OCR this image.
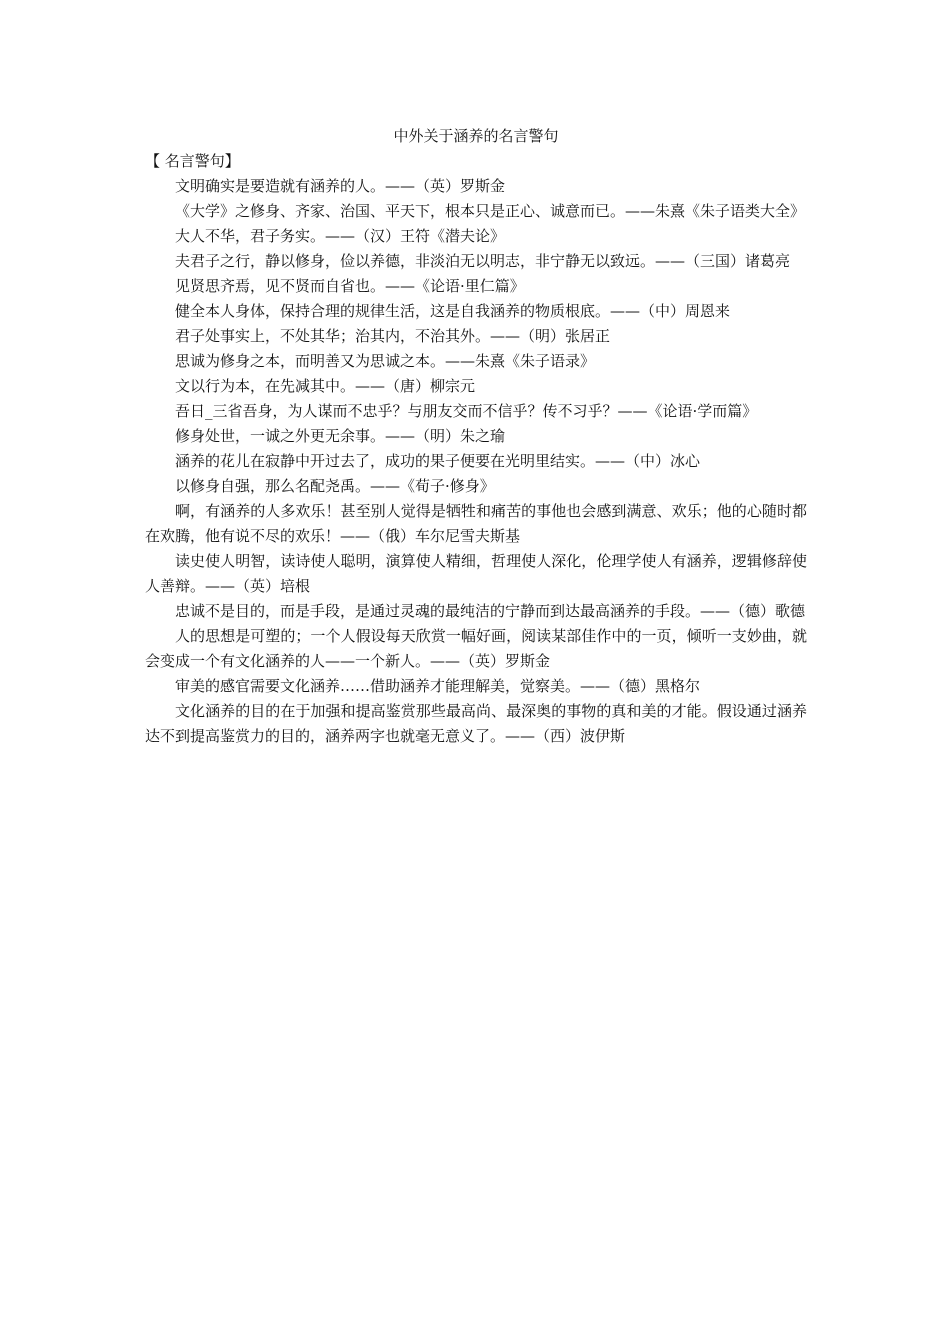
中外关于涵养的名言警句

【 名言警句】

文明确实是要造就有涵养的人。——（英）罗斯金

《大学》之修身、齐家、治国、平天下，根本只是正心、诚意而已。——朱熹《朱子语类大全》

大人不华，君子务实。——（汉）王符《潜夫论》

夫君子之行，静以修身，俭以养德，非淡泊无以明志，非宁静无以致远。——（三国）诸葛亮

见贤思齐焉，见不贤而自省也。——《论语·里仁篇》

健全本人身体，保持合理的规律生活，这是自我涵养的物质根底。——（中）周恩来

君子处事实上，不处其华；治其内，不治其外。——（明）张居正

思诚为修身之本，而明善又为思诚之本。——朱熹《朱子语录》

文以行为本，在先减其中。——（唐）柳宗元

吾日_三省吾身，为人谋而不忠乎？与朋友交而不信乎？传不习乎？——《论语·学而篇》

修身处世，一诚之外更无余事。——（明）朱之瑜

涵养的花儿在寂静中开过去了，成功的果子便要在光明里结实。——（中）冰心

以修身自强，那么名配尧禹。——《荀子·修身》

啊，有涵养的人多欢乐！甚至别人觉得是牺牲和痛苦的事他也会感到满意、欢乐；他的心随时都在欢腾，他有说不尽的欢乐！——（俄）车尔尼雪夫斯基

读史使人明智，读诗使人聪明，演算使人精细，哲理使人深化，伦理学使人有涵养，逻辑修辞使人善辩。——（英）培根

忠诚不是目的，而是手段，是通过灵魂的最纯洁的宁静而到达最高涵养的手段。——（德）歌德

人的思想是可塑的；一个人假设每天欣赏一幅好画，阅读某部佳作中的一页，倾听一支妙曲，就会变成一个有文化涵养的人——一个新人。——（英）罗斯金

审美的感官需要文化涵养……借助涵养才能理解美，觉察美。——（德）黑格尔

文化涵养的目的在于加强和提高鉴赏那些最高尚、最深奥的事物的真和美的才能。假设通过涵养达不到提高鉴赏力的目的，涵养两字也就毫无意义了。——（西）波伊斯
